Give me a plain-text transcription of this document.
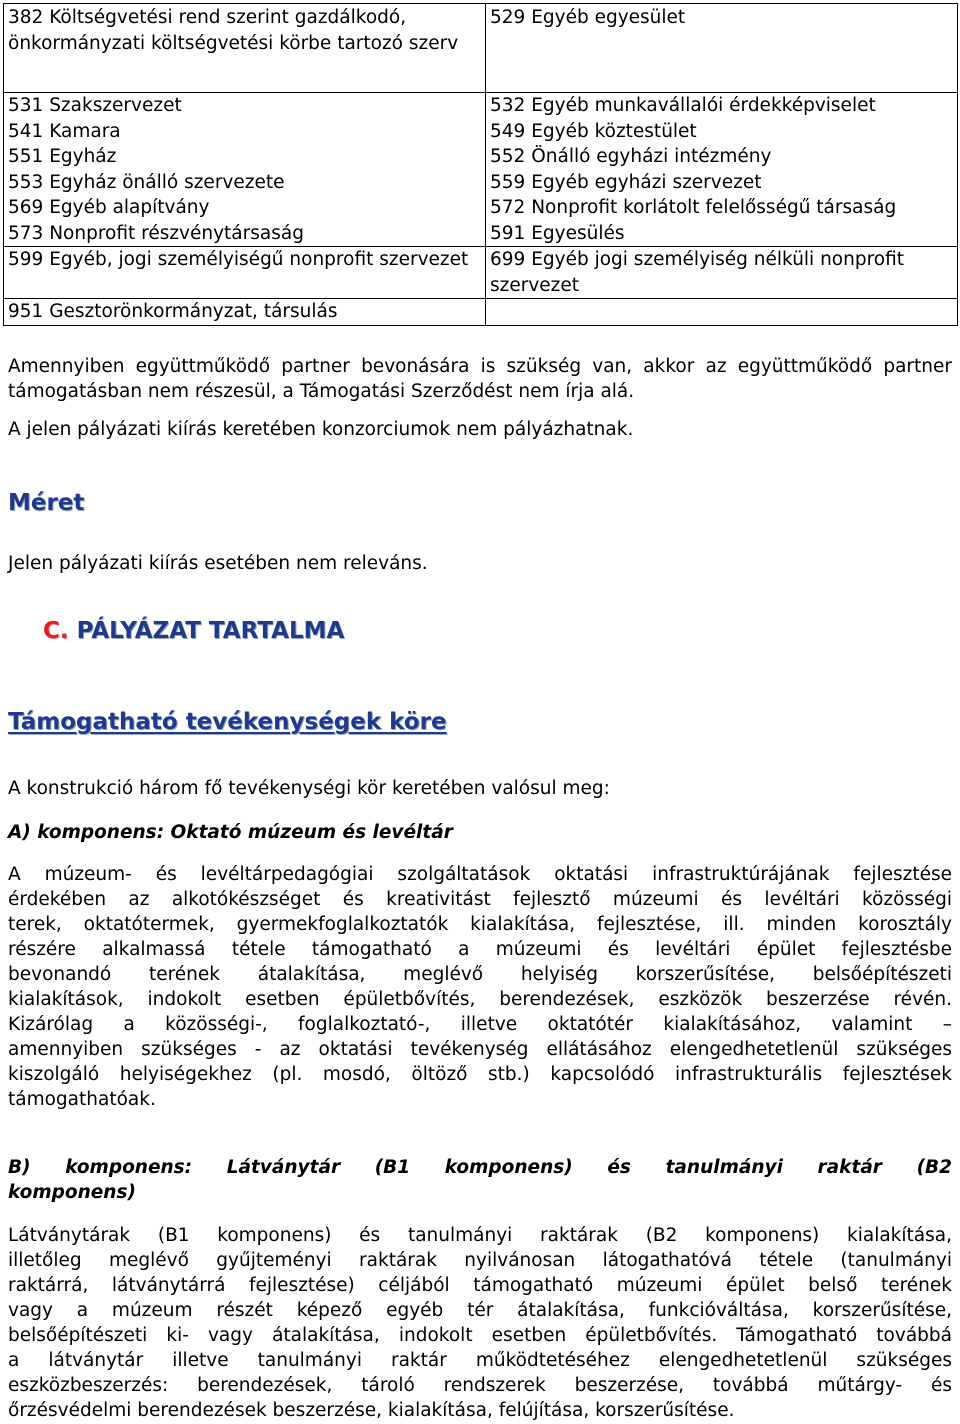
382 Költségvetési rend szerint gazdálkodó, önkormányzati költségvetési körbe tartozó szerv	529 Egyéb egyesület
531 Szakszervezet	532 Egyéb munkavállalói érdekképviselet
541 Kamara	549 Egyéb köztestület
551 Egyház	552 Önálló egyházi intézmény
553 Egyház önálló szervezete	559 Egyéb egyházi szervezet
569 Egyéb alapítvány	572 Nonprofit korlátolt felelősségű társaság
573 Nonprofit részvénytársaság	591 Egyesülés
599 Egyéb, jogi személyiségű nonprofit szervezet	699 Egyéb jogi személyiség nélküli nonprofit szervezet
951 Gesztorönkormányzat, társulás	
Amennyiben együttműködő partner bevonására is szükség van, akkor az együttműködő partner támogatásban nem részesül, a Támogatási Szerződést nem írja alá.
A jelen pályázati kiírás keretében konzorciumok nem pályázhatnak.
Méret
Jelen pályázati kiírás esetében nem releváns.
C. PÁLYÁZAT TARTALMA
Támogatható tevékenységek köre
A konstrukció három fő tevékenységi kör keretében valósul meg:
A) komponens: Oktató múzeum és levéltár
A múzeum- és levéltárpedagógiai szolgáltatások oktatási infrastruktúrájának fejlesztése
érdekében az alkotókészséget és kreativitást fejlesztő múzeumi és levéltári közösségi
terek, oktatótermek, gyermekfoglalkoztatók kialakítása, fejlesztése, ill. minden korosztály
részére alkalmassá tétele támogatható a múzeumi és levéltári épület fejlesztésbe
bevonandó terének átalakítása, meglévő helyiség korszerűsítése, belsőépítészeti
kialakítások, indokolt esetben épületbővítés, berendezések, eszközök beszerzése révén.
Kizárólag a közösségi-, foglalkoztató-, illetve oktatótér kialakításához, valamint –
amennyiben szükséges - az oktatási tevékenység ellátásához elengedhetetlenül szükséges
kiszolgáló helyiségekhez (pl. mosdó, öltöző stb.) kapcsolódó infrastrukturális fejlesztések
támogathatóak.
B) komponens: Látványtár (B1 komponens) és tanulmányi raktár (B2
komponens)
Látványtárak (B1 komponens) és tanulmányi raktárak (B2 komponens) kialakítása,
illetőleg meglévő gyűjteményi raktárak nyilvánosan látogathatóvá tétele (tanulmányi
raktárrá, látványtárrá fejlesztése) céljából támogatható múzeumi épület belső terének
vagy a múzeum részét képező egyéb tér átalakítása, funkcióváltása, korszerűsítése,
belsőépítészeti ki- vagy átalakítása, indokolt esetben épületbővítés. Támogatható továbbá
a látványtár illetve tanulmányi raktár működtetéséhez elengedhetetlenül szükséges
eszközbeszerzés: berendezések, tároló rendszerek beszerzése, továbbá műtárgy- és
őrzésvédelmi berendezések beszerzése, kialakítása, felújítása, korszerűsítése.
